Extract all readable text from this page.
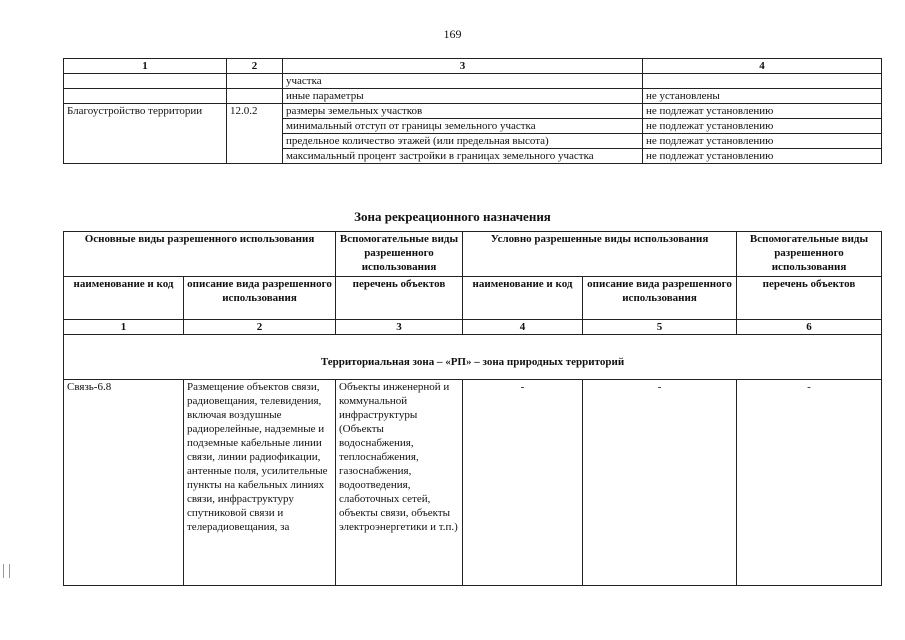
169
1	2	3	4
		участка	
		иные параметры	не установлены
Благоустройство территории	12.0.2	размеры земельных участков	не подлежат установлению
		минимальный отступ от границы земельного участка	не подлежат установлению
		предельное количество этажей (или предельная высота)	не подлежат установлению
		максимальный процент застройки в границах земельного участка	не подлежат установлению
Зона рекреационного назначения
Основные виды разрешенного использования		Вспомогательные виды разрешенного использования	Условно разрешенные виды использования		Вспомогательные виды разрешенного использования
наименование и код	описание вида разрешенного использования	перечень объектов	наименование и код	описание вида разрешенного использования	перечень объектов
1	2	3	4	5	6
Территориальная зона – «РП» – зона природных территорий					
Связь-6.8	Размещение объектов связи, радиовещания, телевидения, включая воздушные радиорелейные, надземные и подземные кабельные линии связи, линии радиофикации, антенные поля, усилительные пункты на кабельных линиях связи, инфраструктуру спутниковой связи и телерадиовещания, за	Объекты инженерной и коммунальной инфраструктуры (Объекты водоснабжения, теплоснабжения, газоснабжения, водоотведения, слаботочных сетей, объекты связи, объекты электроэнергетики и т.п.)	-	-	-
